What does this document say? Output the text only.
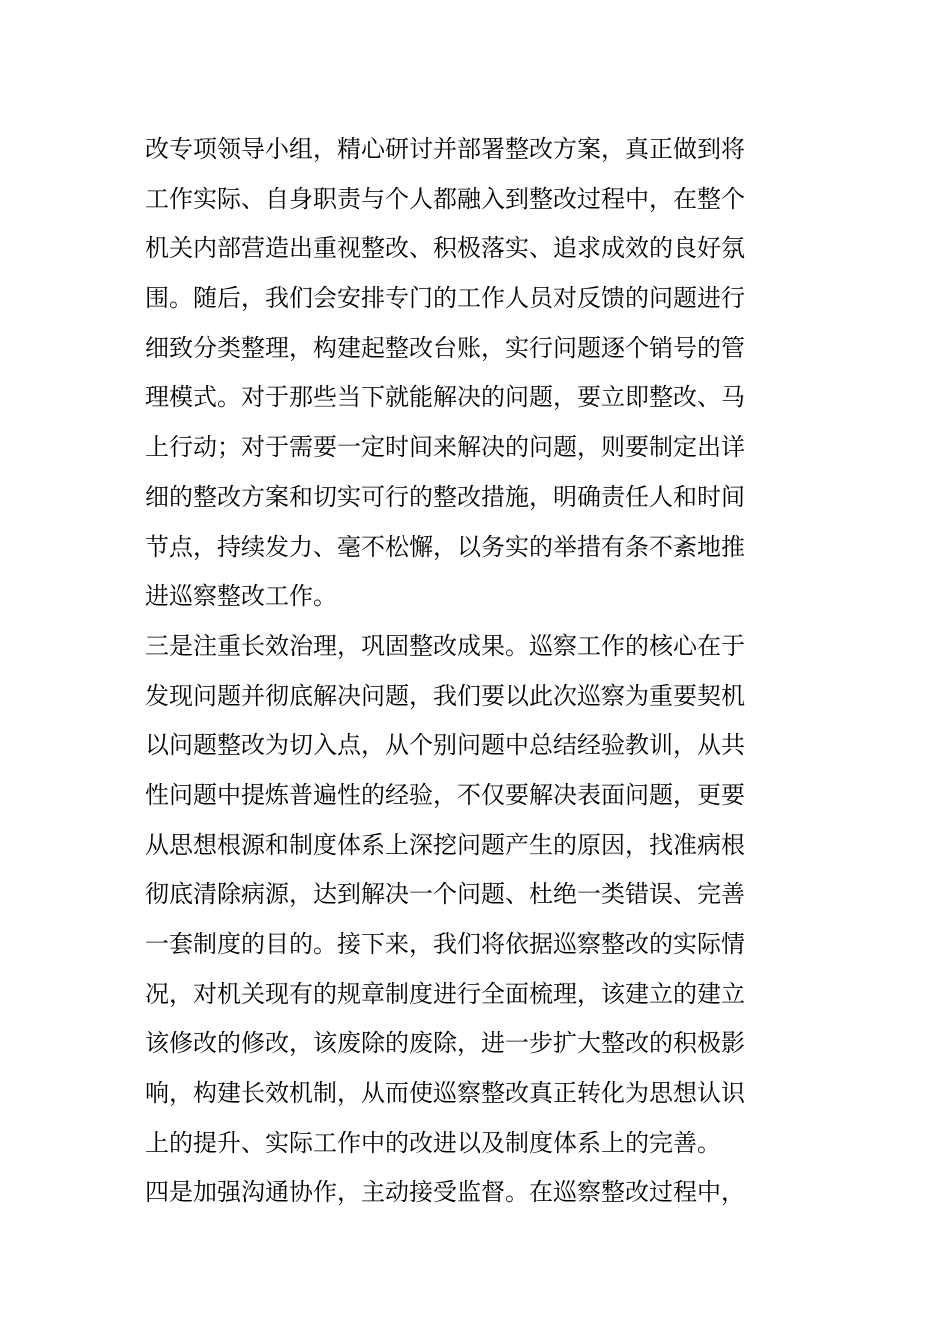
改专项领导小组，精心研讨并部署整改方案，真正做到将
工作实际、自身职责与个人都融入到整改过程中，在整个
机关内部营造出重视整改、积极落实、追求成效的良好氛
围。随后，我们会安排专门的工作人员对反馈的问题进行
细致分类整理，构建起整改台账，实行问题逐个销号的管
理模式。对于那些当下就能解决的问题，要立即整改、马
上行动；对于需要一定时间来解决的问题，则要制定出详
细的整改方案和切实可行的整改措施，明确责任人和时间
节点，持续发力、毫不松懈，以务实的举措有条不紊地推
进巡察整改工作。
三是注重长效治理，巩固整改成果。巡察工作的核心在于
发现问题并彻底解决问题，我们要以此次巡察为重要契机
以问题整改为切入点，从个别问题中总结经验教训，从共
性问题中提炼普遍性的经验，不仅要解决表面问题，更要
从思想根源和制度体系上深挖问题产生的原因，找准病根
彻底清除病源，达到解决一个问题、杜绝一类错误、完善
一套制度的目的。接下来，我们将依据巡察整改的实际情
况，对机关现有的规章制度进行全面梳理，该建立的建立
该修改的修改，该废除的废除，进一步扩大整改的积极影
响，构建长效机制，从而使巡察整改真正转化为思想认识
上的提升、实际工作中的改进以及制度体系上的完善。
四是加强沟通协作，主动接受监督。在巡察整改过程中，
